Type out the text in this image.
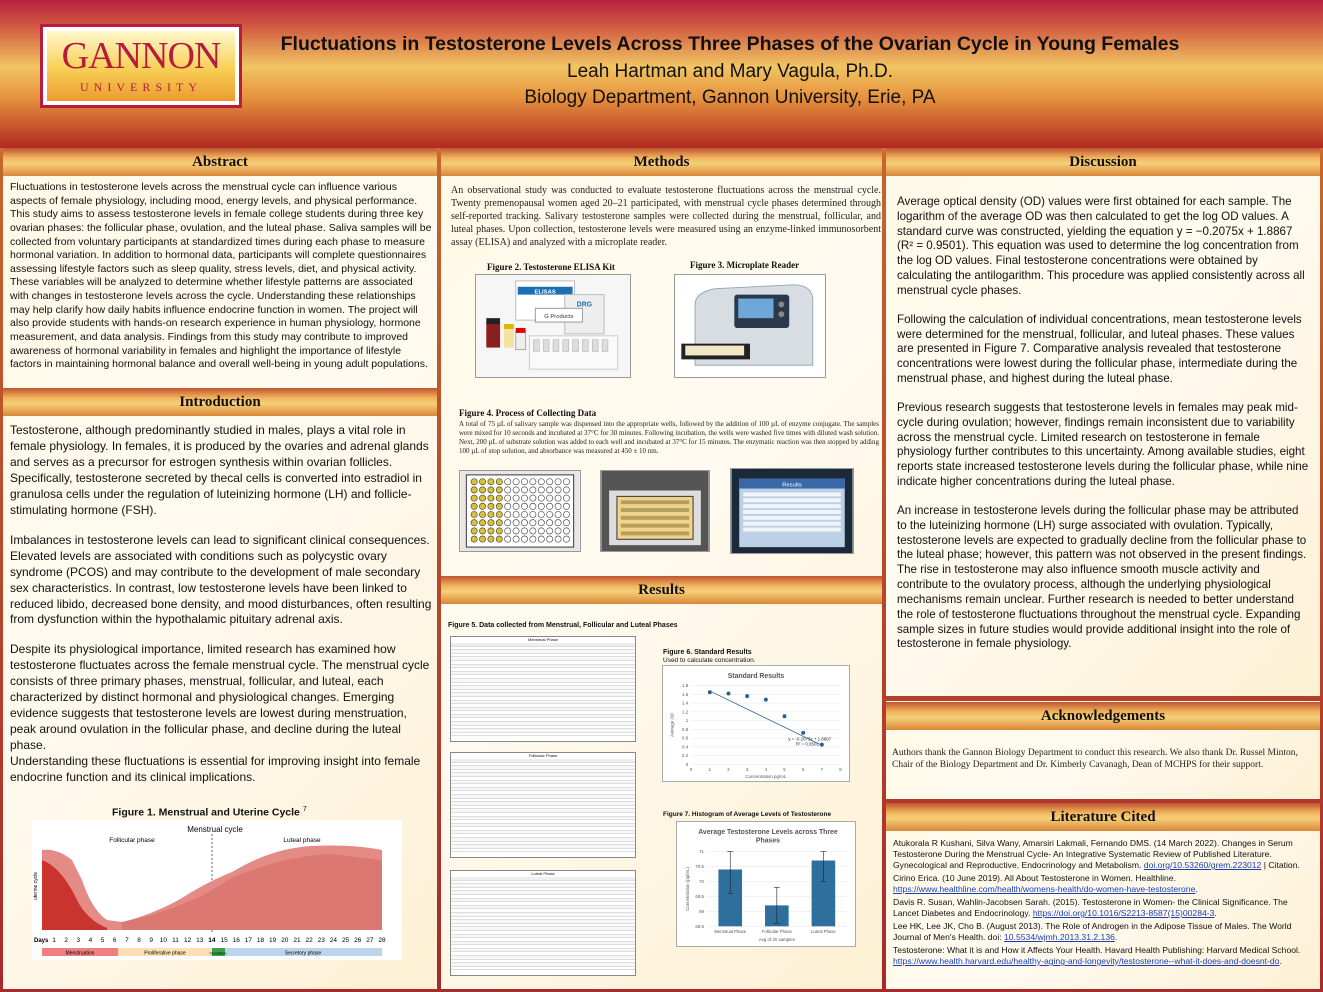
GANNON
UNIVERSITY
Fluctuations in Testosterone Levels Across Three Phases of the Ovarian Cycle in Young Females
Leah Hartman and Mary Vagula, Ph.D.
Biology Department, Gannon University, Erie, PA
Abstract
Fluctuations in testosterone levels across the menstrual cycle can influence various aspects of female physiology, including mood, energy levels, and physical performance. This study aims to assess testosterone levels in female college students during three key ovarian phases: the follicular phase, ovulation, and the luteal phase. Saliva samples will be collected from voluntary participants at standardized times during each phase to measure hormonal variation. In addition to hormonal data, participants will complete questionnaires assessing lifestyle factors such as sleep quality, stress levels, diet, and physical activity. These variables will be analyzed to determine whether lifestyle patterns are associated with changes in testosterone levels across the cycle. Understanding these relationships may help clarify how daily habits influence endocrine function in women. The project will also provide students with hands-on research experience in human physiology, hormone measurement, and data analysis. Findings from this study may contribute to improved awareness of hormonal variability in females and highlight the importance of lifestyle factors in maintaining hormonal balance and overall well-being in young adult populations.
Introduction
Testosterone, although predominantly studied in males, plays a vital role in female physiology. In females, it is produced by the ovaries and adrenal glands and serves as a precursor for estrogen synthesis within ovarian follicles. Specifically, testosterone secreted by thecal cells is converted into estradiol in granulosa cells under the regulation of luteinizing hormone (LH) and follicle-stimulating hormone (FSH).
Imbalances in testosterone levels can lead to significant clinical consequences. Elevated levels are associated with conditions such as polycystic ovary syndrome (PCOS) and may contribute to the development of male secondary sex characteristics. In contrast, low testosterone levels have been linked to reduced libido, decreased bone density, and mood disturbances, often resulting from dysfunction within the hypothalamic pituitary adrenal axis.
Despite its physiological importance, limited research has examined how testosterone fluctuates across the female menstrual cycle. The menstrual cycle consists of three primary phases, menstrual, follicular, and luteal, each characterized by distinct hormonal and physiological changes. Emerging evidence suggests that testosterone levels are lowest during menstruation, peak around ovulation in the follicular phase, and decline during the luteal phase.
Understanding these fluctuations is essential for improving insight into female endocrine function and its clinical implications.
Figure 1. Menstrual and Uterine Cycle $^7$
Menstrual cycle
Follicular phase	Luteal phase
uterine cycle
Days 1 2 3 4 5 6 7 8 9 10 11 12 13 14 15 16 17 18 19 20 21 22 23 24 25 26 27 28
Menstruation	Proliferative phase	Ovulation	Secretory phase
Methods
An observational study was conducted to evaluate testosterone fluctuations across the menstrual cycle. Twenty premenopausal women aged 20–21 participated, with menstrual cycle phases determined through self-reported tracking. Salivary testosterone samples were collected during the menstrual, follicular, and luteal phases. Upon collection, testosterone levels were measured using an enzyme-linked immunosorbent assay (ELISA) and analyzed with a microplate reader.
Figure 2. Testosterone ELISA Kit	Figure 3. Microplate Reader
ELISAS
DRG
G Products
Figure 4. Process of Collecting Data
A total of 75 µL of salivary sample was dispensed into the appropriate wells, followed by the addition of 100 µL of enzyme conjugate. The samples were mixed for 10 seconds and incubated at 37°C for 30 minutes. Following incubation, the wells were washed five times with diluted wash solution. Next, 200 µL of substrate solution was added to each well and incubated at 37°C for 15 minutes. The enzymatic reaction was then stopped by adding 100 µL of stop solution, and absorbance was measured at 450 ± 10 nm.
Results
Results
Figure 5. Data collected from Menstrual, Follicular and Luteal Phases
Menstrual Phase
Follicular Phase
Luteal Phase
Figure 6. Standard Results
Used to calculate concentration.
Standard Results
0
0.2
0.4
0.6
0.8
1
1.2
1.4
1.6
1.8
0	1	2	3	4	5	6	7	8
Concentration pg/mL
Average OD
y = -0.2075x + 1.8867
R² = 0.9501
Figure 7. Histogram of Average Levels of Testosterone
Average Testosterone Levels across Three Phases
68.5
69
69.5
70
70.5
71
Concentration (pg/mL)
Menstrual Phase	Follicular Phase	Luteal Phase
Avg of 20 samples
Discussion
Average optical density (OD) values were first obtained for each sample. The logarithm of the average OD was then calculated to get the log OD values. A standard curve was constructed, yielding the equation y = −0.2075x + 1.8867 (R² = 0.9501). This equation was used to determine the log concentration from the log OD values. Final testosterone concentrations were obtained by calculating the antilogarithm. This procedure was applied consistently across all menstrual cycle phases.
Following the calculation of individual concentrations, mean testosterone levels were determined for the menstrual, follicular, and luteal phases. These values are presented in Figure 7. Comparative analysis revealed that testosterone concentrations were lowest during the follicular phase, intermediate during the menstrual phase, and highest during the luteal phase.
Previous research suggests that testosterone levels in females may peak mid-cycle during ovulation; however, findings remain inconsistent due to variability across the menstrual cycle. Limited research on testosterone in female physiology further contributes to this uncertainty. Among available studies, eight reports state increased testosterone levels during the follicular phase, while nine indicate higher concentrations during the luteal phase.
An increase in testosterone levels during the follicular phase may be attributed to the luteinizing hormone (LH) surge associated with ovulation. Typically, testosterone levels are expected to gradually decline from the follicular phase to the luteal phase; however, this pattern was not observed in the present findings. The rise in testosterone may also influence smooth muscle activity and contribute to the ovulatory process, although the underlying physiological mechanisms remain unclear. Further research is needed to better understand the role of testosterone fluctuations throughout the menstrual cycle. Expanding sample sizes in future studies would provide additional insight into the role of testosterone in female physiology.
Acknowledgements
Authors thank the Gannon Biology Department to conduct this research. We also thank Dr. Russel Minton, Chair of the Biology Department and Dr. Kimberly Cavanagh, Dean of MCHPS for their support.
Literature Cited

Atukorala R Kushani, Silva Wany, Amarsiri Lakmali, Fernando DMS. (14 March 2022). Changes in Serum Testosterone During the Menstrual Cycle- An Integrative Systematic Review of Published Literature. Gynecological and Reproductive, Endocrinology and Metabolism. doi.org/10.53260/grem.223012 | Citation.

Cirino Erica. (10 June 2019). All About Testosterone in Women. Healthline. https://www.healthline.com/health/womens-health/do-women-have-testosterone.

Davis R. Susan, Wahlin-Jacobsen Sarah. (2015). Testosterone in Women- the Clinical Significance. The Lancet Diabetes and Endocrinology. https://doi.org/10.1016/S2213-8587(15)00284-3.

Lee HK, Lee JK, Cho B. (August 2013). The Role of Androgen in the Adipose Tissue of Males. The World Journal of Men's Health. doi: 10.5534/wjmh.2013.31.2.136.

Testosterone: What it is and How it Affects Your Health. Havard Health Publishing: Harvard Medical School. https://www.health.harvard.edu/healthy-aging-and-longevity/testosterone--what-it-does-and-doesnt-do.
